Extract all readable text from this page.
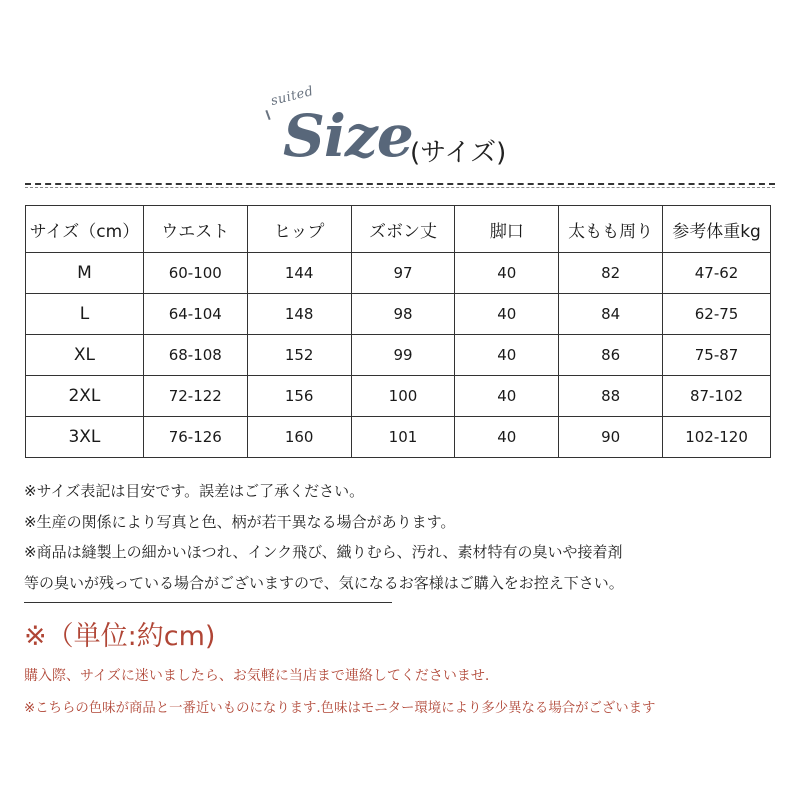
suited
Size
(サイズ)
サイズ（cm）	ウエスト	ヒップ	ズボン丈	脚口	太もも周り	参考体重kg
M	60-100	144	97	40	82	47-62
L	64-104	148	98	40	84	62-75
XL	68-108	152	99	40	86	75-87
2XL	72-122	156	100	40	88	87-102
3XL	76-126	160	101	40	90	102-120
※サイズ表記は目安です。誤差はご了承ください。
※生産の関係により写真と色、柄が若干異なる場合があります。
※商品は縫製上の細かいほつれ、インク飛び、織りむら、汚れ、素材特有の臭いや接着剤
等の臭いが残っている場合がございますので、気になるお客様はご購入をお控え下さい。
※（単位:約cm)
購入際、サイズに迷いましたら、お気軽に当店まで連絡してくださいませ.
※こちらの色味が商品と一番近いものになります.色味はモニター環境により多少異なる場合がございます
